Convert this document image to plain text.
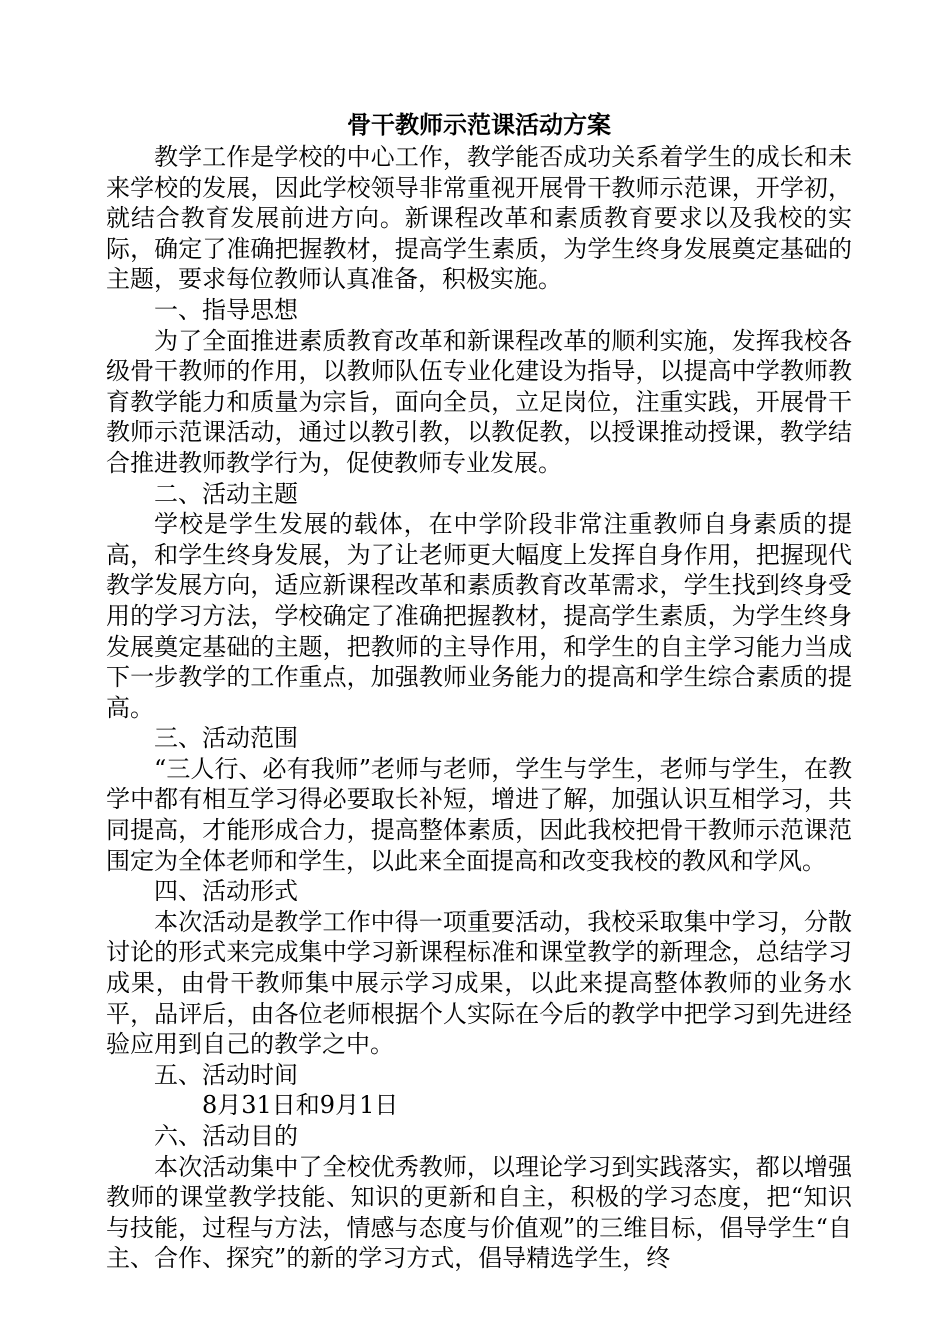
骨干教师示范课活动方案

教学工作是学校的中心工作，教学能否成功关系着学生的成长和未来学校的发展，因此学校领导非常重视开展骨干教师示范课，开学初，就结合教育发展前进方向。新课程改革和素质教育要求以及我校的实际，确定了准确把握教材，提高学生素质，为学生终身发展奠定基础的主题，要求每位教师认真准备，积极实施。

一、指导思想

为了全面推进素质教育改革和新课程改革的顺利实施，发挥我校各级骨干教师的作用，以教师队伍专业化建设为指导，以提高中学教师教育教学能力和质量为宗旨，面向全员，立足岗位，注重实践，开展骨干教师示范课活动，通过以教引教，以教促教，以授课推动授课，教学结合推进教师教学行为，促使教师专业发展。

二、活动主题

学校是学生发展的载体，在中学阶段非常注重教师自身素质的提高，和学生终身发展，为了让老师更大幅度上发挥自身作用，把握现代教学发展方向，适应新课程改革和素质教育改革需求，学生找到终身受用的学习方法，学校确定了准确把握教材，提高学生素质，为学生终身发展奠定基础的主题，把教师的主导作用，和学生的自主学习能力当成下一步教学的工作重点，加强教师业务能力的提高和学生综合素质的提高。

三、活动范围

“三人行、必有我师”老师与老师，学生与学生，老师与学生，在教学中都有相互学习得必要取长补短，增进了解，加强认识互相学习，共同提高，才能形成合力，提高整体素质，因此我校把骨干教师示范课范围定为全体老师和学生，以此来全面提高和改变我校的教风和学风。

四、活动形式

本次活动是教学工作中得一项重要活动，我校采取集中学习，分散讨论的形式来完成集中学习新课程标准和课堂教学的新理念，总结学习成果，由骨干教师集中展示学习成果，以此来提高整体教师的业务水平，品评后，由各位老师根据个人实际在今后的教学中把学习到先进经验应用到自己的教学之中。

五、活动时间

8月31日和9月1日

六、活动目的

本次活动集中了全校优秀教师，以理论学习到实践落实，都以增强教师的课堂教学技能、知识的更新和自主，积极的学习态度，把“知识与技能，过程与方法，情感与态度与价值观”的三维目标，倡导学生“自主、合作、探究”的新的学习方式，倡导精选学生，终
